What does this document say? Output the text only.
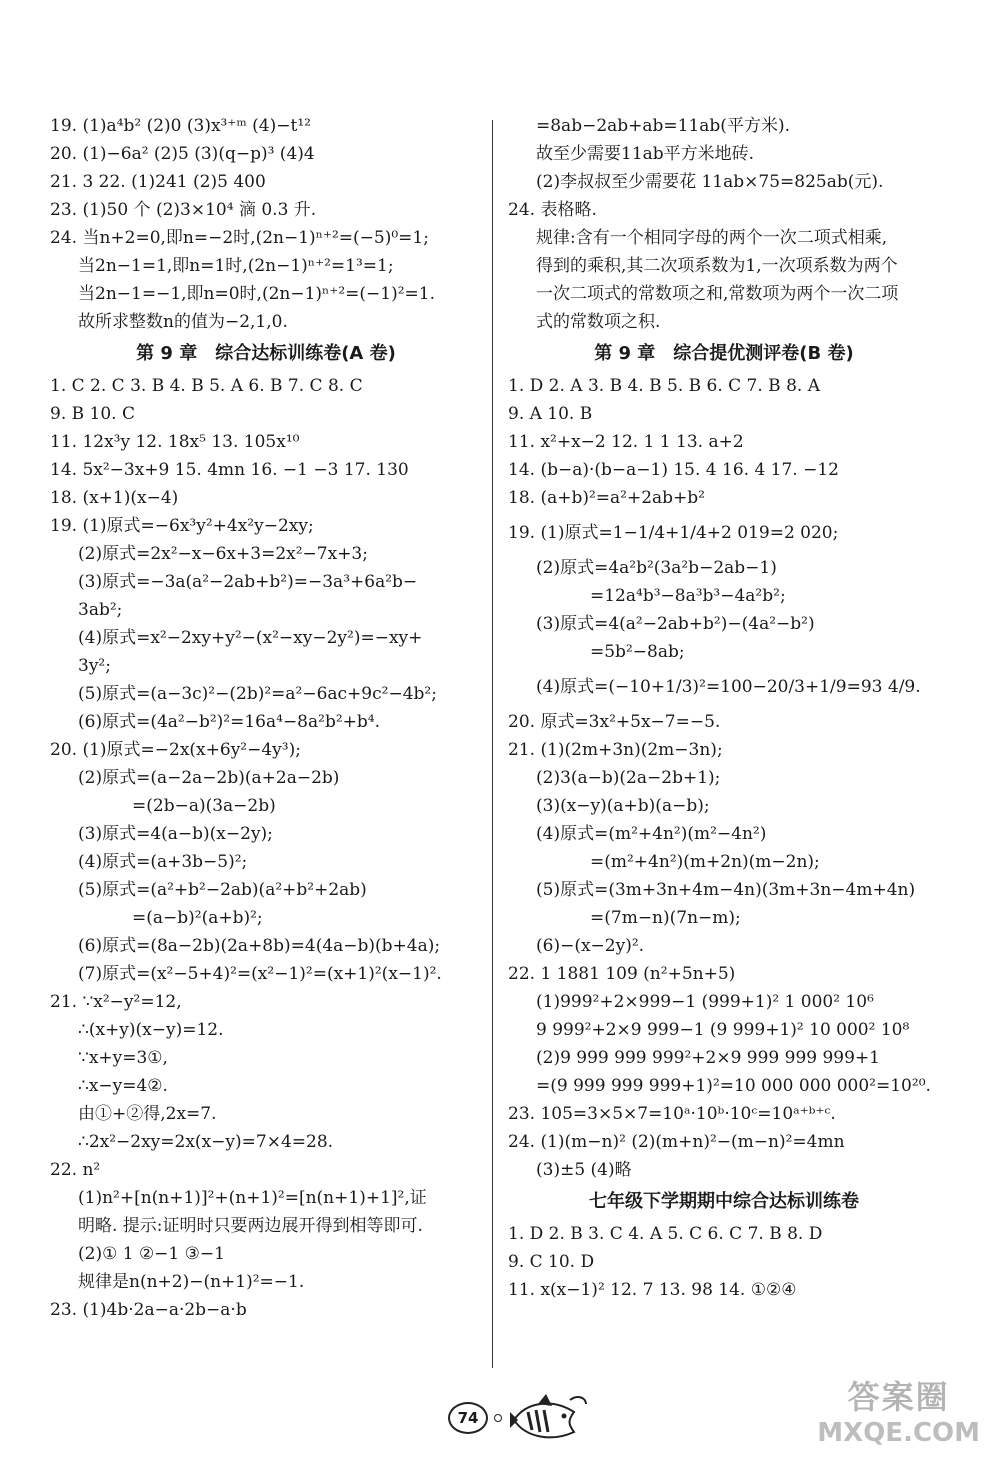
19. (1)a⁴b² (2)0 (3)x³⁺ᵐ (4)−t¹²
20. (1)−6a² (2)5 (3)(q−p)³ (4)4
21. 3 22. (1)241 (2)5 400
23. (1)50 个 (2)3×10⁴ 滴 0.3 升.
24. 当n+2=0,即n=−2时,(2n−1)ⁿ⁺²=(−5)⁰=1;
当2n−1=1,即n=1时,(2n−1)ⁿ⁺²=1³=1;
当2n−1=−1,即n=0时,(2n−1)ⁿ⁺²=(−1)²=1.
故所求整数n的值为−2,1,0.
第 9 章　综合达标训练卷(A 卷)
1. C 2. C 3. B 4. B 5. A 6. B 7. C 8. C
9. B 10. C
11. 12x³y 12. 18x⁵ 13. 105x¹⁰
14. 5x²−3x+9 15. 4mn 16. −1 −3 17. 130
18. (x+1)(x−4)
19. (1)原式=−6x³y²+4x²y−2xy;
(2)原式=2x²−x−6x+3=2x²−7x+3;
(3)原式=−3a(a²−2ab+b²)=−3a³+6a²b−
3ab²;
(4)原式=x²−2xy+y²−(x²−xy−2y²)=−xy+
3y²;
(5)原式=(a−3c)²−(2b)²=a²−6ac+9c²−4b²;
(6)原式=(4a²−b²)²=16a⁴−8a²b²+b⁴.
20. (1)原式=−2x(x+6y²−4y³);
(2)原式=(a−2a−2b)(a+2a−2b)
=(2b−a)(3a−2b)
(3)原式=4(a−b)(x−2y);
(4)原式=(a+3b−5)²;
(5)原式=(a²+b²−2ab)(a²+b²+2ab)
=(a−b)²(a+b)²;
(6)原式=(8a−2b)(2a+8b)=4(4a−b)(b+4a);
(7)原式=(x²−5+4)²=(x²−1)²=(x+1)²(x−1)².
21. ∵x²−y²=12,
∴(x+y)(x−y)=12.
∵x+y=3①,
∴x−y=4②.
由①+②得,2x=7.
∴2x²−2xy=2x(x−y)=7×4=28.
22. n²
(1)n²+[n(n+1)]²+(n+1)²=[n(n+1)+1]²,证
明略. 提示:证明时只要两边展开得到相等即可.
(2)① 1 ②−1 ③−1
规律是n(n+2)−(n+1)²=−1.
23. (1)4b·2a−a·2b−a·b
=8ab−2ab+ab=11ab(平方米).
故至少需要11ab平方米地砖.
(2)李叔叔至少需要花 11ab×75=825ab(元).
24. 表格略.
规律:含有一个相同字母的两个一次二项式相乘,
得到的乘积,其二次项系数为1,一次项系数为两个
一次二项式的常数项之和,常数项为两个一次二项
式的常数项之积.
第 9 章　综合提优测评卷(B 卷)
1. D 2. A 3. B 4. B 5. B 6. C 7. B 8. A
9. A 10. B
11. x²+x−2 12. 1 1 13. a+2
14. (b−a)·(b−a−1) 15. 4 16. 4 17. −12
18. (a+b)²=a²+2ab+b²
19. (1)原式=1−1/4+1/4+2 019=2 020;
(2)原式=4a²b²(3a²b−2ab−1)
=12a⁴b³−8a³b³−4a²b²;
(3)原式=4(a²−2ab+b²)−(4a²−b²)
=5b²−8ab;
(4)原式=(−10+1/3)²=100−20/3+1/9=93 4/9.
20. 原式=3x²+5x−7=−5.
21. (1)(2m+3n)(2m−3n);
(2)3(a−b)(2a−2b+1);
(3)(x−y)(a+b)(a−b);
(4)原式=(m²+4n²)(m²−4n²)
=(m²+4n²)(m+2n)(m−2n);
(5)原式=(3m+3n+4m−4n)(3m+3n−4m+4n)
=(7m−n)(7n−m);
(6)−(x−2y)².
22. 1 1881 109 (n²+5n+5)
(1)999²+2×999−1 (999+1)² 1 000² 10⁶
9 999²+2×9 999−1 (9 999+1)² 10 000² 10⁸
(2)9 999 999 999²+2×9 999 999 999+1
=(9 999 999 999+1)²=10 000 000 000²=10²⁰.
23. 105=3×5×7=10ᵃ·10ᵇ·10ᶜ=10ᵃ⁺ᵇ⁺ᶜ.
24. (1)(m−n)² (2)(m+n)²−(m−n)²=4mn
(3)±5 (4)略
七年级下学期期中综合达标训练卷
1. D 2. B 3. C 4. A 5. C 6. C 7. B 8. D
9. C 10. D
11. x(x−1)² 12. 7 13. 98 14. ①②④
74
答案圈
MXQE.COM
